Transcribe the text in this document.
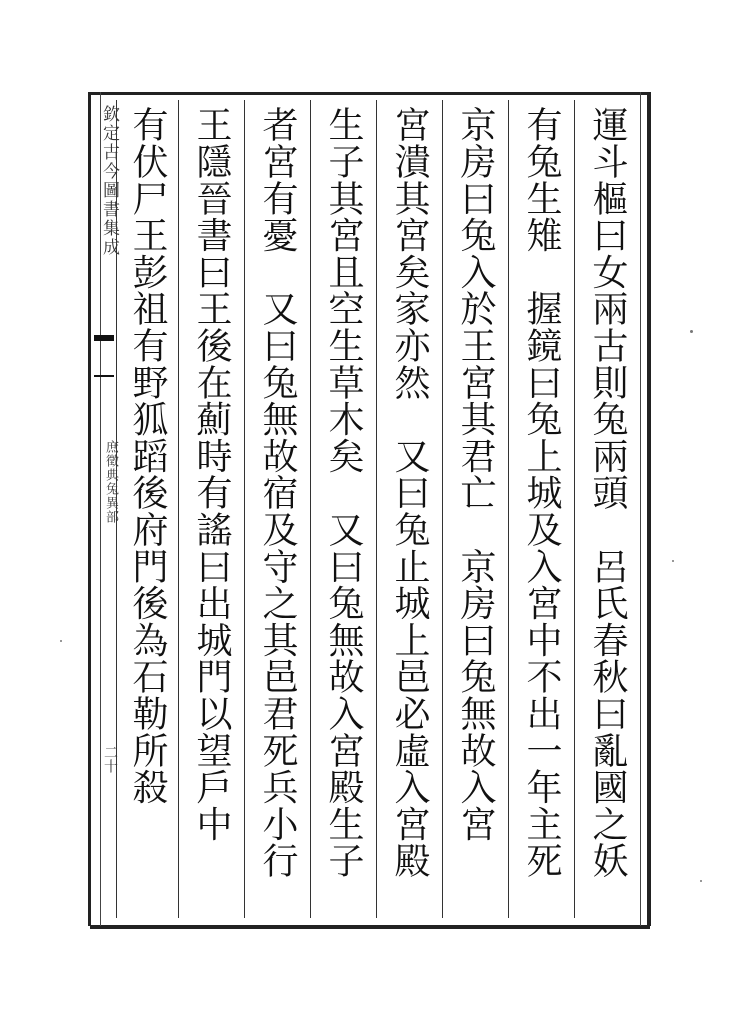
欽定古今圖書集成
庶徵典兔異部
二十	運斗樞曰女兩古則兔兩頭　呂氏春秋曰亂國之妖
有兔生雉　握鏡曰兔上城及入宮中不出一年主死
京房曰兔入於王宮其君亡　京房曰兔無故入宮
宮潰其宮矣家亦然　又曰兔止城上邑必虛入宮殿
生子其宮且空生草木矣　又曰兔無故入宮殿生子
者宮有憂　又曰兔無故宿及守之其邑君死兵小行
王隱晉書曰王後在薊時有謠曰出城門以望戶中
有伏尸王彭祖有野狐蹈後府門後為石勒所殺
